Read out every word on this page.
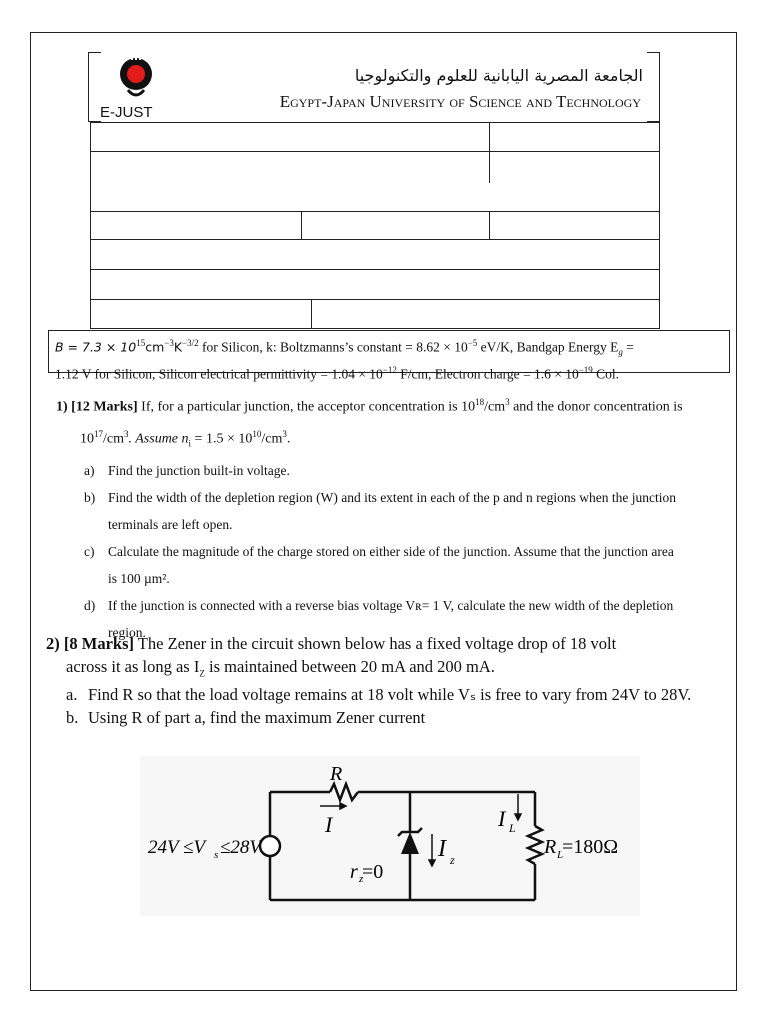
E-JUST
الجامعة المصرية اليابانية للعلوم والتكنولوجيا
Egypt-Japan University of Science and Technology
$B = 7.3 \times 10^{15}cm^{-3}K^{-3/2}$ for Silicon, k: Boltzmanns’s constant = $8.62 \times 10^{-5}$ eV/K, Bandgap Energy $E_g$ =
1.12 V for Silicon, Silicon electrical permittivity = $1.04 \times 10^{-12}$ F/cm, Electron charge = $1.6 \times 10^{-19}$ Col.
1) [12 Marks] If, for a particular junction, the acceptor concentration is $10^{18}/cm^3$ and the donor concentration is $10^{17}/cm^3$. Assume $n_i = 1.5 \times 10^{10}/cm^3$.
a) Find the junction built-in voltage.
b) Find the width of the depletion region (W) and its extent in each of the p and n regions when the junction terminals are left open.
c) Calculate the magnitude of the charge stored on either side of the junction. Assume that the junction area is 100 µm².
d) If the junction is connected with a reverse bias voltage Vʀ= 1 V, calculate the new width of the depletion region.
2) [8 Marks] The Zener in the circuit shown below has a fixed voltage drop of 18 volt
across it as long as $I_Z$ is maintained between 20 mA and 200 mA.
a. Find R so that the load voltage remains at 18 volt while Vₛ is free to vary from 24V to 28V.
b. Using R of part a, find the maximum Zener current
R
I
24V ≤V s ≤28V	I z
r z
=0
I L
R L
=180Ω
